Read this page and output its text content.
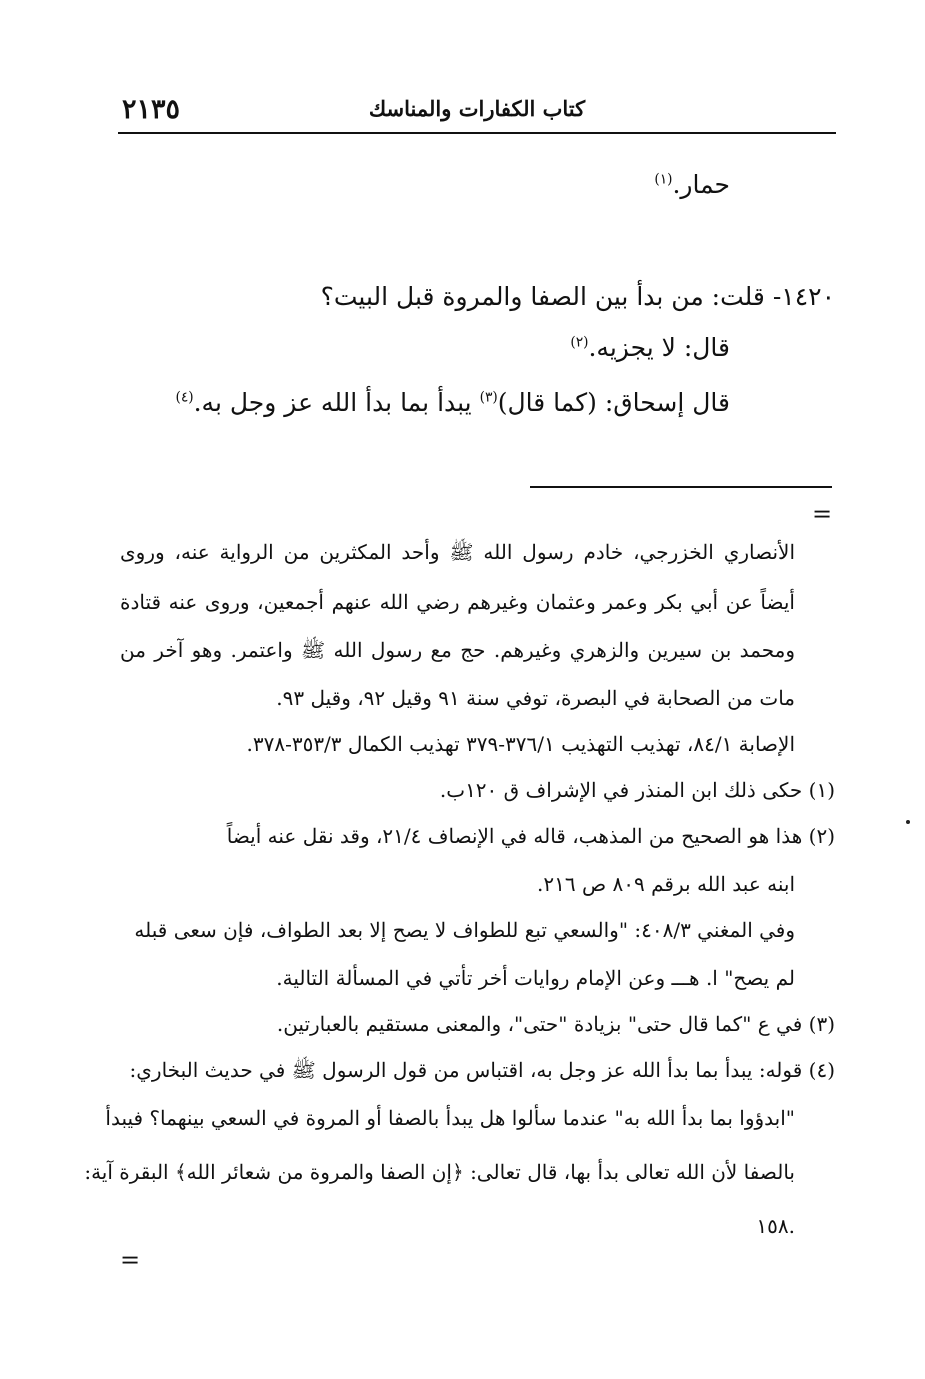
٢١٣٥	كتاب الكفارات والمناسك
حمار.$^{(١)}$
١٤٢٠- قلت: من بدأ بين الصفا والمروة قبل البيت؟
قال: لا يجزيه.$^{(٢)}$
قال إسحاق: (كما قال)$^{(٣)}$ يبدأ بما بدأ الله عز وجل به.$^{(٤)}$
=
الأنصاري الخزرجي، خادم رسول الله ﷺ وأحد المكثرين من الرواية عنه، وروى
أيضاً عن أبي بكر وعمر وعثمان وغيرهم رضي الله عنهم أجمعين، وروى عنه قتادة
ومحمد بن سيرين والزهري وغيرهم. حج مع رسول الله ﷺ واعتمر. وهو آخر من
مات من الصحابة في البصرة، توفي سنة ٩١ وقيل ٩٢، وقيل ٩٣.
الإصابة ٨٤/١، تهذيب التهذيب ٣٧٦/١-٣٧٩ تهذيب الكمال ٣٥٣/٣-٣٧٨.
(١) حكى ذلك ابن المنذر في الإشراف ق ١٢٠ب.
(٢) هذا هو الصحيح من المذهب، قاله في الإنصاف ٢١/٤، وقد نقل عنه أيضاً
ابنه عبد الله برقم ٨٠٩ ص ٢١٦.
وفي المغني ٤٠٨/٣: "والسعي تبع للطواف لا يصح إلا بعد الطواف، فإن سعى قبله
لم يصح" ا. هـــ وعن الإمام روايات أخر تأتي في المسألة التالية.
(٣) في ع "كما قال حتى" بزيادة "حتى"، والمعنى مستقيم بالعبارتين.
(٤) قوله: يبدأ بما بدأ الله عز وجل به، اقتباس من قول الرسول ﷺ في حديث البخاري:
"ابدؤوا بما بدأ الله به" عندما سألوا هل يبدأ بالصفا أو المروة في السعي بينهما؟ فيبدأ
بالصفا لأن الله تعالى بدأ بها، قال تعالى: ﴿إن الصفا والمروة من شعائر الله﴾ البقرة آية:
.١٥٨
=
